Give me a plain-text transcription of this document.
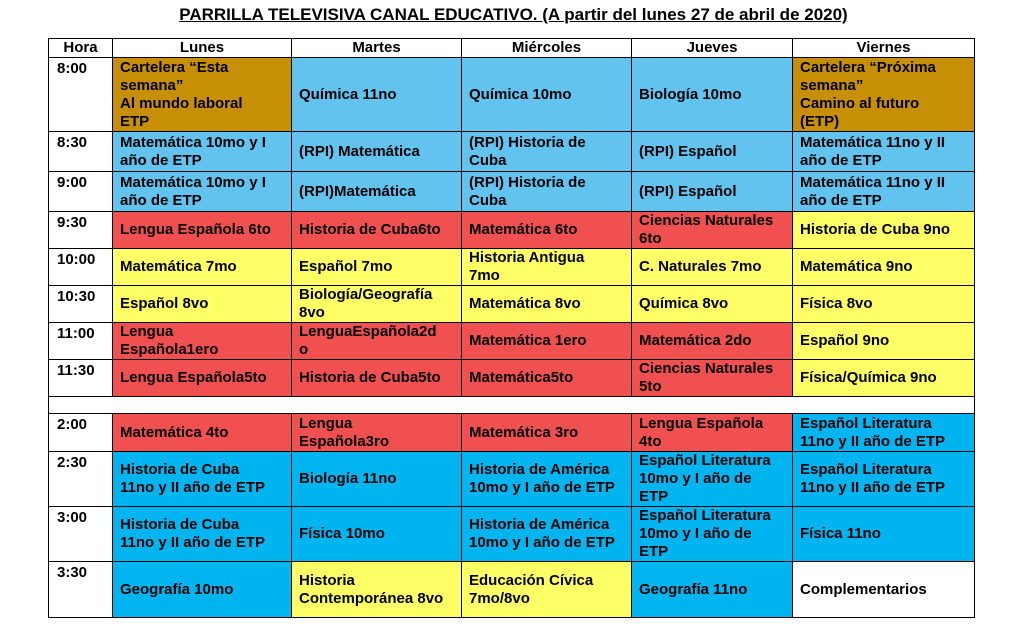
PARRILLA TELEVISIVA CANAL EDUCATIVO. (A partir del lunes 27 de abril de 2020)
Hora	Lunes	Martes	Miércoles	Jueves	Viernes
8:00	Cartelera “Esta
semana”
Al mundo laboral
ETP	Química 11no	Química 10mo	Biología 10mo	Cartelera “Próxima
semana”
Camino al futuro
(ETP)

8:30	Matemática 10mo y I
año de ETP	(RPI) Matemática	(RPI) Historia de
Cuba	(RPI) Español	Matemática 11no y II
año de ETP

9:00	Matemática 10mo y I
año de ETP	(RPI)Matemática	(RPI) Historia de
Cuba	(RPI) Español	Matemática 11no y II
año de ETP

9:30	Lengua Española 6to	Historia de Cuba6to	Matemática 6to	Ciencias Naturales
6to	Historia de Cuba 9no

10:00	Matemática 7mo	Español 7mo	Historia Antigua
7mo	C. Naturales 7mo	Matemática 9no

10:30	Español 8vo	Biología/Geografía
8vo	Matemática 8vo	Química 8vo	Física 8vo

11:00	Lengua
Española1ero	LenguaEspañola2d
o	Matemática 1ero	Matemática 2do	Español 9no

11:30	Lengua Española5to	Historia de Cuba5to	Matemática5to	Ciencias Naturales
5to	Física/Química 9no

2:00	Matemática 4to	Lengua
Española3ro	Matemática 3ro	Lengua Española
4to	Español Literatura
11no y II año de ETP

2:30	Historia de Cuba
11no y II año de ETP	Biología 11no	Historia de América
10mo y I año de ETP	Español Literatura
10mo y I año de
ETP	Español Literatura
11no y II año de ETP

3:00	Historia de Cuba
11no y II año de ETP	Física 10mo	Historia de América
10mo y I año de ETP	Español Literatura
10mo y I año de
ETP	Física 11no

3:30	Geografía 10mo	Historia
Contemporánea 8vo	Educación Cívica
7mo/8vo	Geografía 11no	Complementarios
